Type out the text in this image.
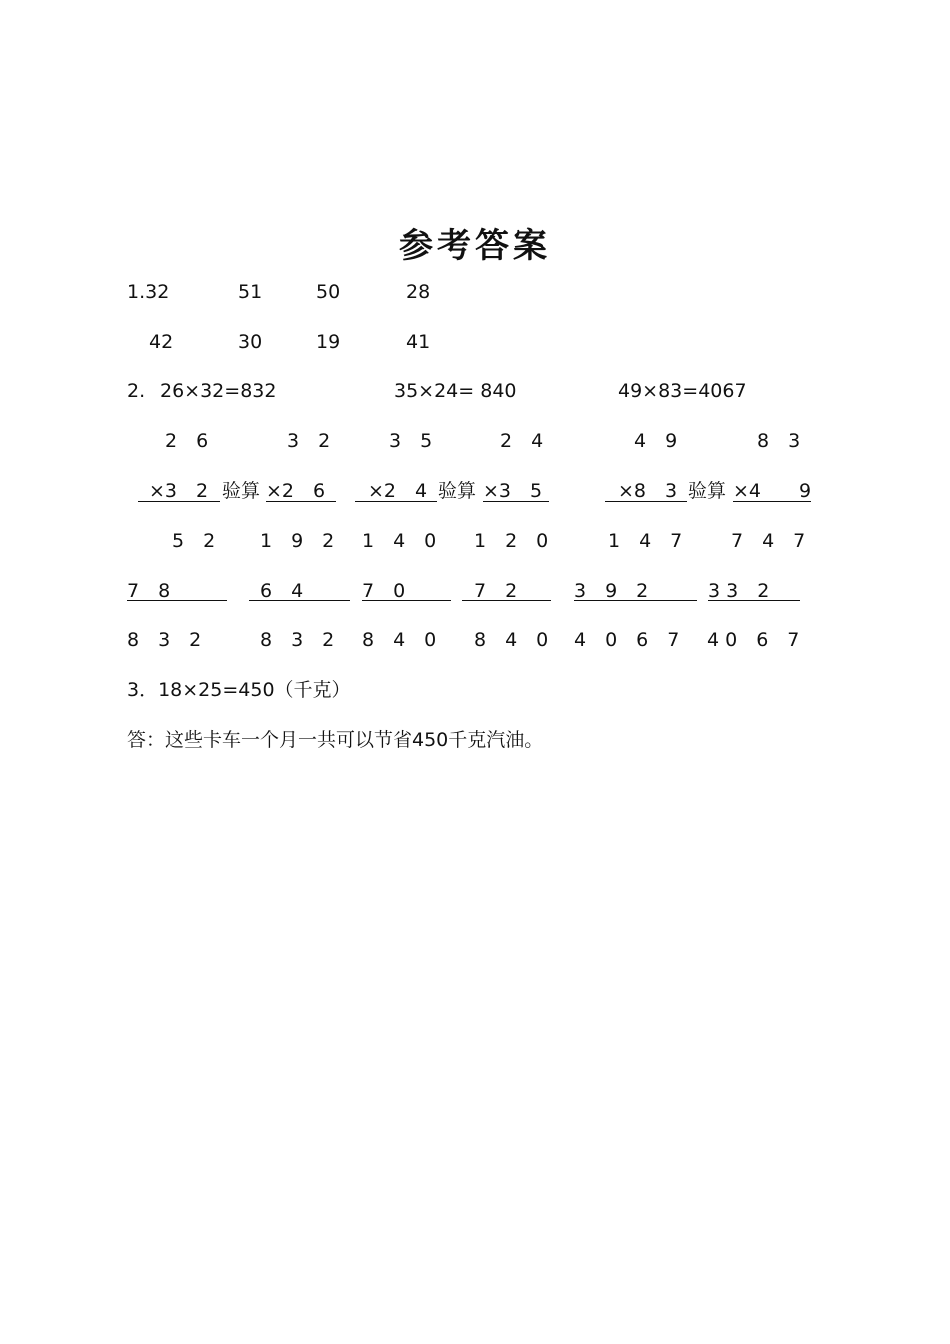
参考答案
1.32	51	50	28
42	30	19	41
2. 26×32=832	35×24= 840	49×83=4067
2　6	3　2	3　5	2　4	4　9	8　3
×3　2 验算 ×2　6 ×2　4 验算 ×3　5	×8　3 验算 ×4　　9
5　2 1　9　2 1　4　0 1　2　0	1　4　7	7　4　7
7　8	6　4	7　0	7　2	3　9　2	3 3　2
8　3　2	8　3　2 8　4　0 8　4　0 4　0　6　7 4 0　6　7
3．18×25=450（千克）
答：这些卡车一个月一共可以节省450千克汽油。
